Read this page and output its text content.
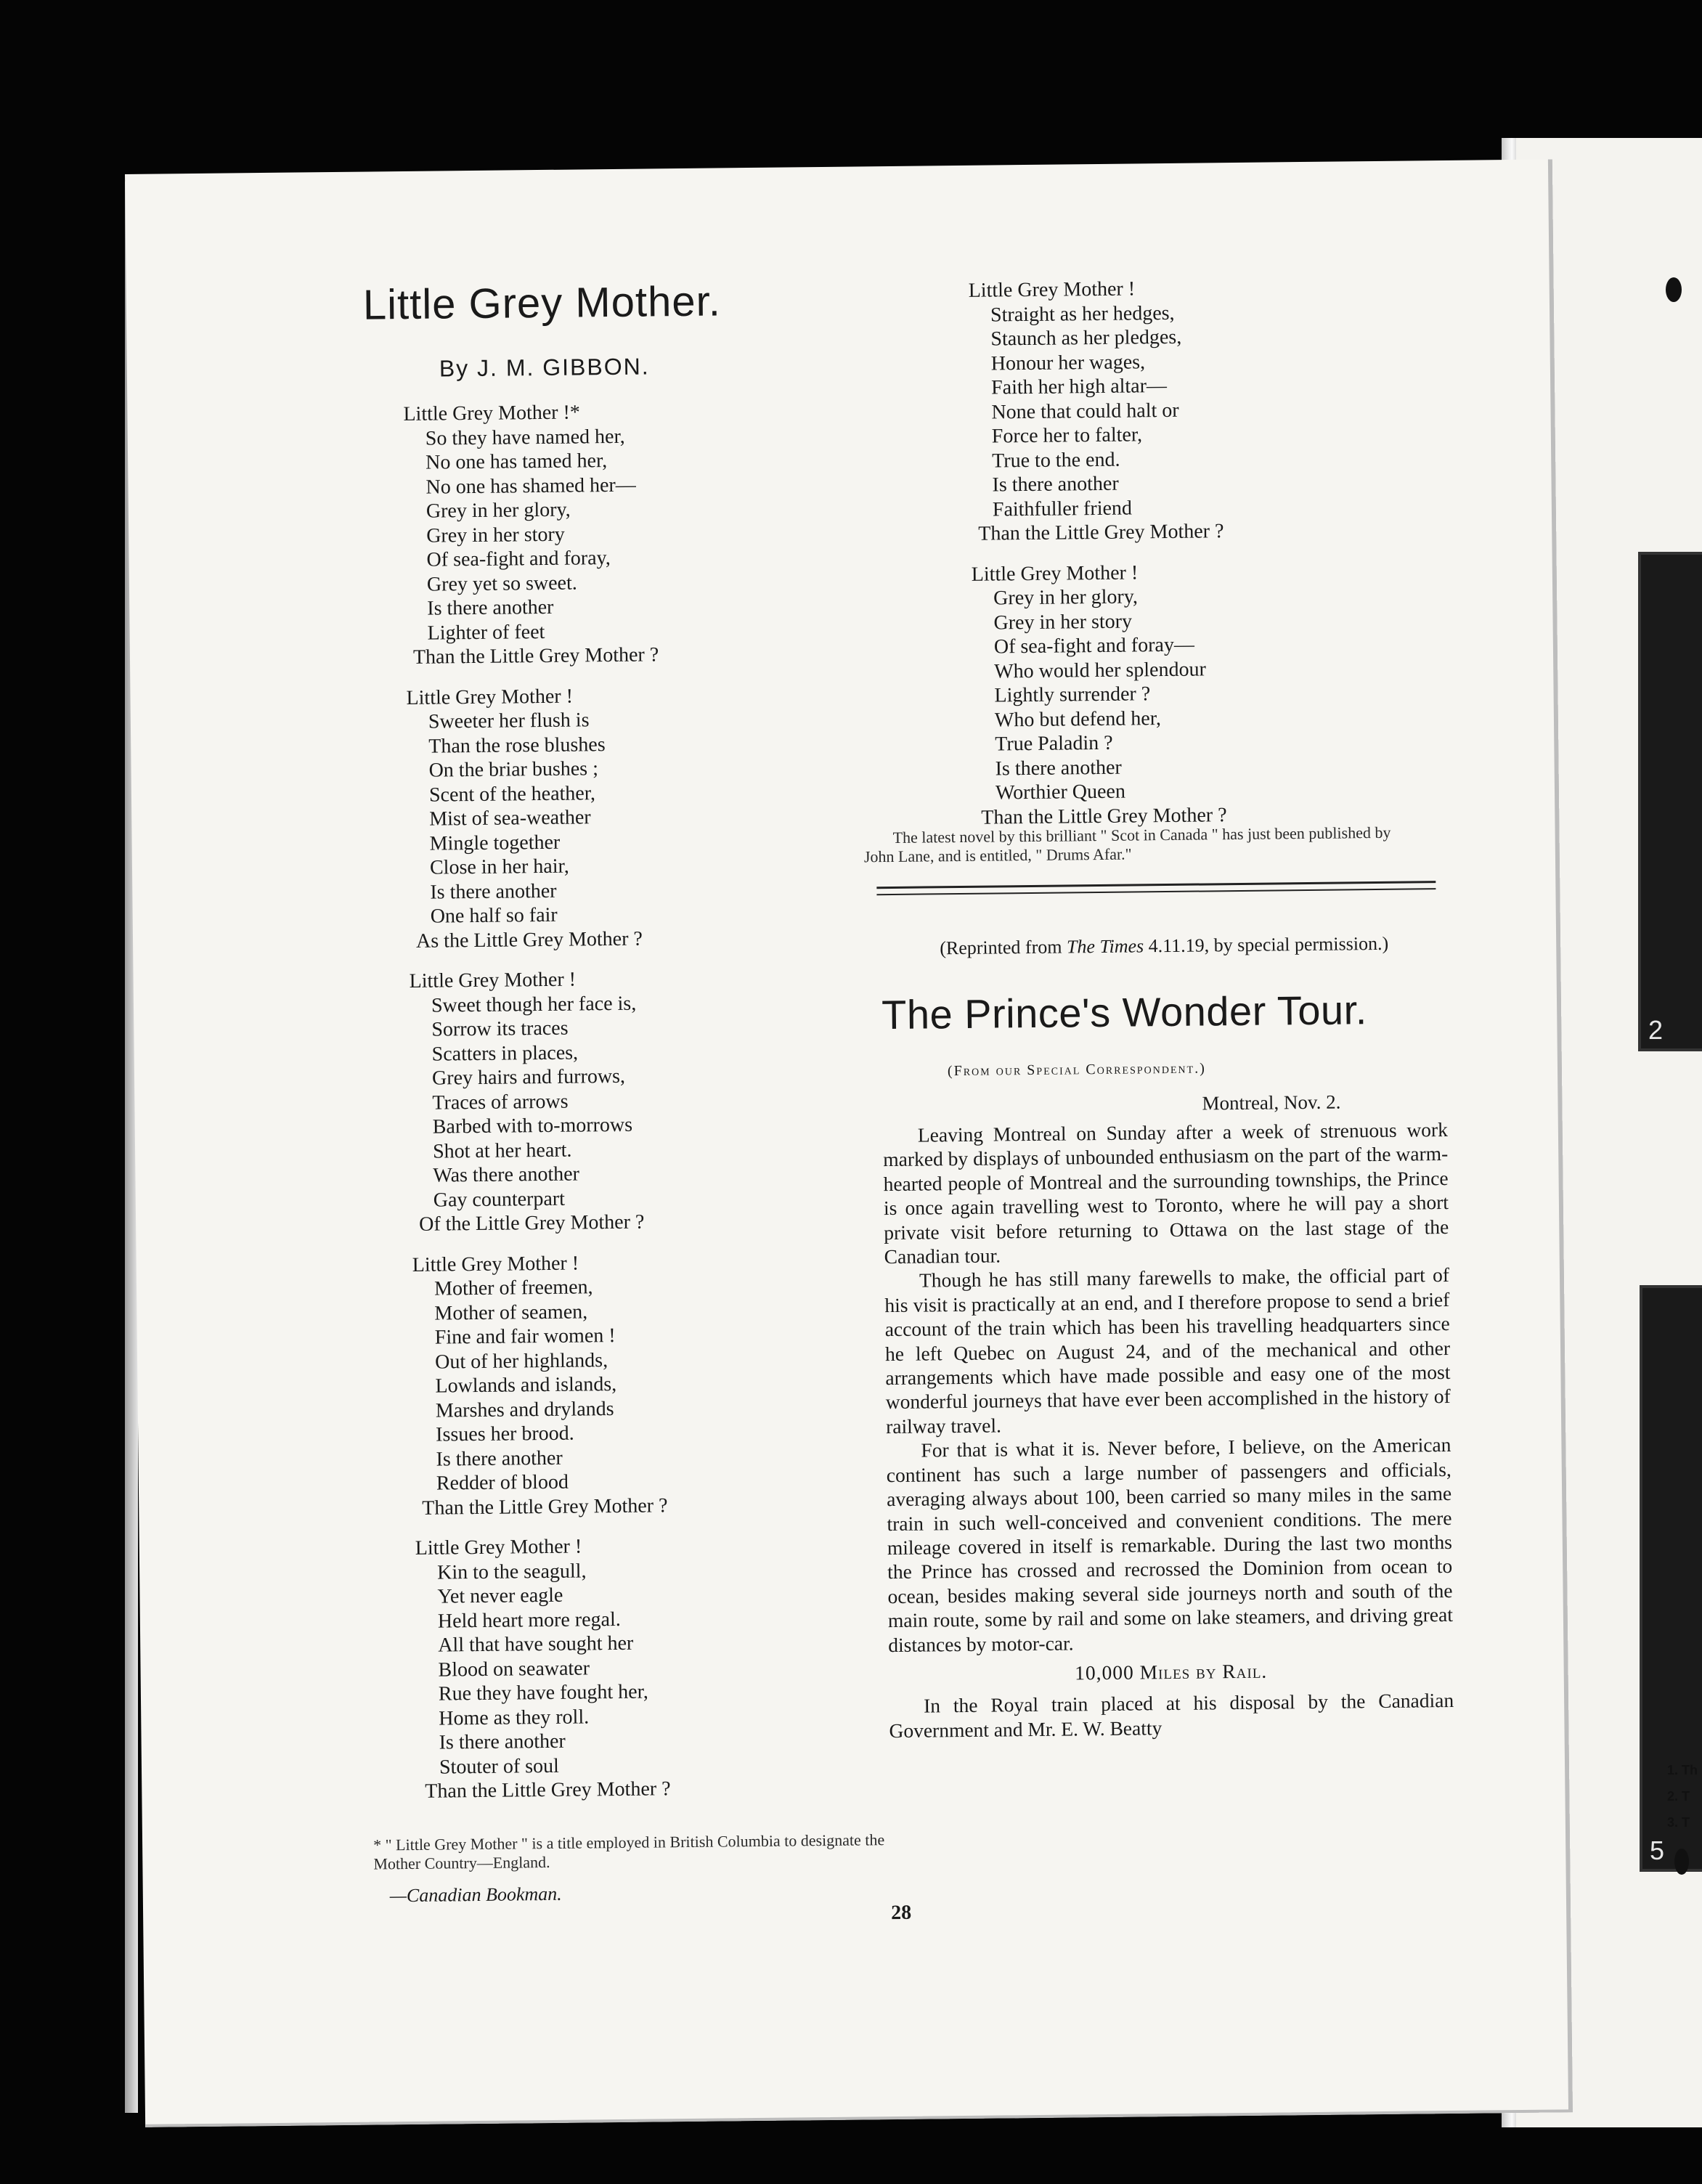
2
5
1. Th
2. T
3. T
Little Grey Mother.
By J. M. GIBBON.
Little Grey Mother !*
So they have named her,
No one has tamed her,
No one has shamed her—
Grey in her glory,
Grey in her story
Of sea-fight and foray,
Grey yet so sweet.
Is there another
Lighter of feet
Than the Little Grey Mother ?
Little Grey Mother !
Sweeter her flush is
Than the rose blushes
On the briar bushes ;
Scent of the heather,
Mist of sea-weather
Mingle together
Close in her hair,
Is there another
One half so fair
As the Little Grey Mother ?
Little Grey Mother !
Sweet though her face is,
Sorrow its traces
Scatters in places,
Grey hairs and furrows,
Traces of arrows
Barbed with to-morrows
Shot at her heart.
Was there another
Gay counterpart
Of the Little Grey Mother ?
Little Grey Mother !
Mother of freemen,
Mother of seamen,
Fine and fair women !
Out of her highlands,
Lowlands and islands,
Marshes and drylands
Issues her brood.
Is there another
Redder of blood
Than the Little Grey Mother ?
Little Grey Mother !
Kin to the seagull,
Yet never eagle
Held heart more regal.
All that have sought her
Blood on seawater
Rue they have fought her,
Home as they roll.
Is there another
Stouter of soul
Than the Little Grey Mother ?
Little Grey Mother !
Straight as her hedges,
Staunch as her pledges,
Honour her wages,
Faith her high altar—
None that could halt or
Force her to falter,
True to the end.
Is there another
Faithfuller friend
Than the Little Grey Mother ?
Little Grey Mother !
Grey in her glory,
Grey in her story
Of sea-fight and foray—
Who would her splendour
Lightly surrender ?
Who but defend her,
True Paladin ?
Is there another
Worthier Queen
Than the Little Grey Mother ?
The latest novel by this brilliant " Scot in Canada " has just been published by John Lane, and is entitled, " Drums Afar."
* " Little Grey Mother " is a title employed in British Columbia to designate the Mother Country—England.
—Canadian Bookman.
(Reprinted from The Times 4.11.19, by special permission.)
The Prince's Wonder Tour.
(From our Special Correspondent.)
Montreal, Nov. 2.

Leaving Montreal on Sunday after a week of strenuous work marked by displays of unbounded enthusiasm on the part of the warm-hearted people of Montreal and the surrounding townships, the Prince is once again travelling west to Toronto, where he will pay a short private visit before returning to Ottawa on the last stage of the Canadian tour.

Though he has still many farewells to make, the official part of his visit is practically at an end, and I therefore propose to send a brief account of the train which has been his travelling headquarters since he left Quebec on August 24, and of the mechanical and other arrangements which have made possible and easy one of the most wonderful journeys that have ever been accomplished in the history of railway travel.

For that is what it is. Never before, I believe, on the American continent has such a large number of passengers and officials, averaging always about 100, been carried so many miles in the same train in such well-conceived and convenient conditions. The mere mileage covered in itself is remarkable. During the last two months the Prince has crossed and recrossed the Dominion from ocean to ocean, besides making several side journeys north and south of the main route, some by rail and some on lake steamers, and driving great distances by motor-car.

10,000 Miles by Rail.

In the Royal train placed at his disposal by the Canadian Government and Mr. E. W. Beatty

28
